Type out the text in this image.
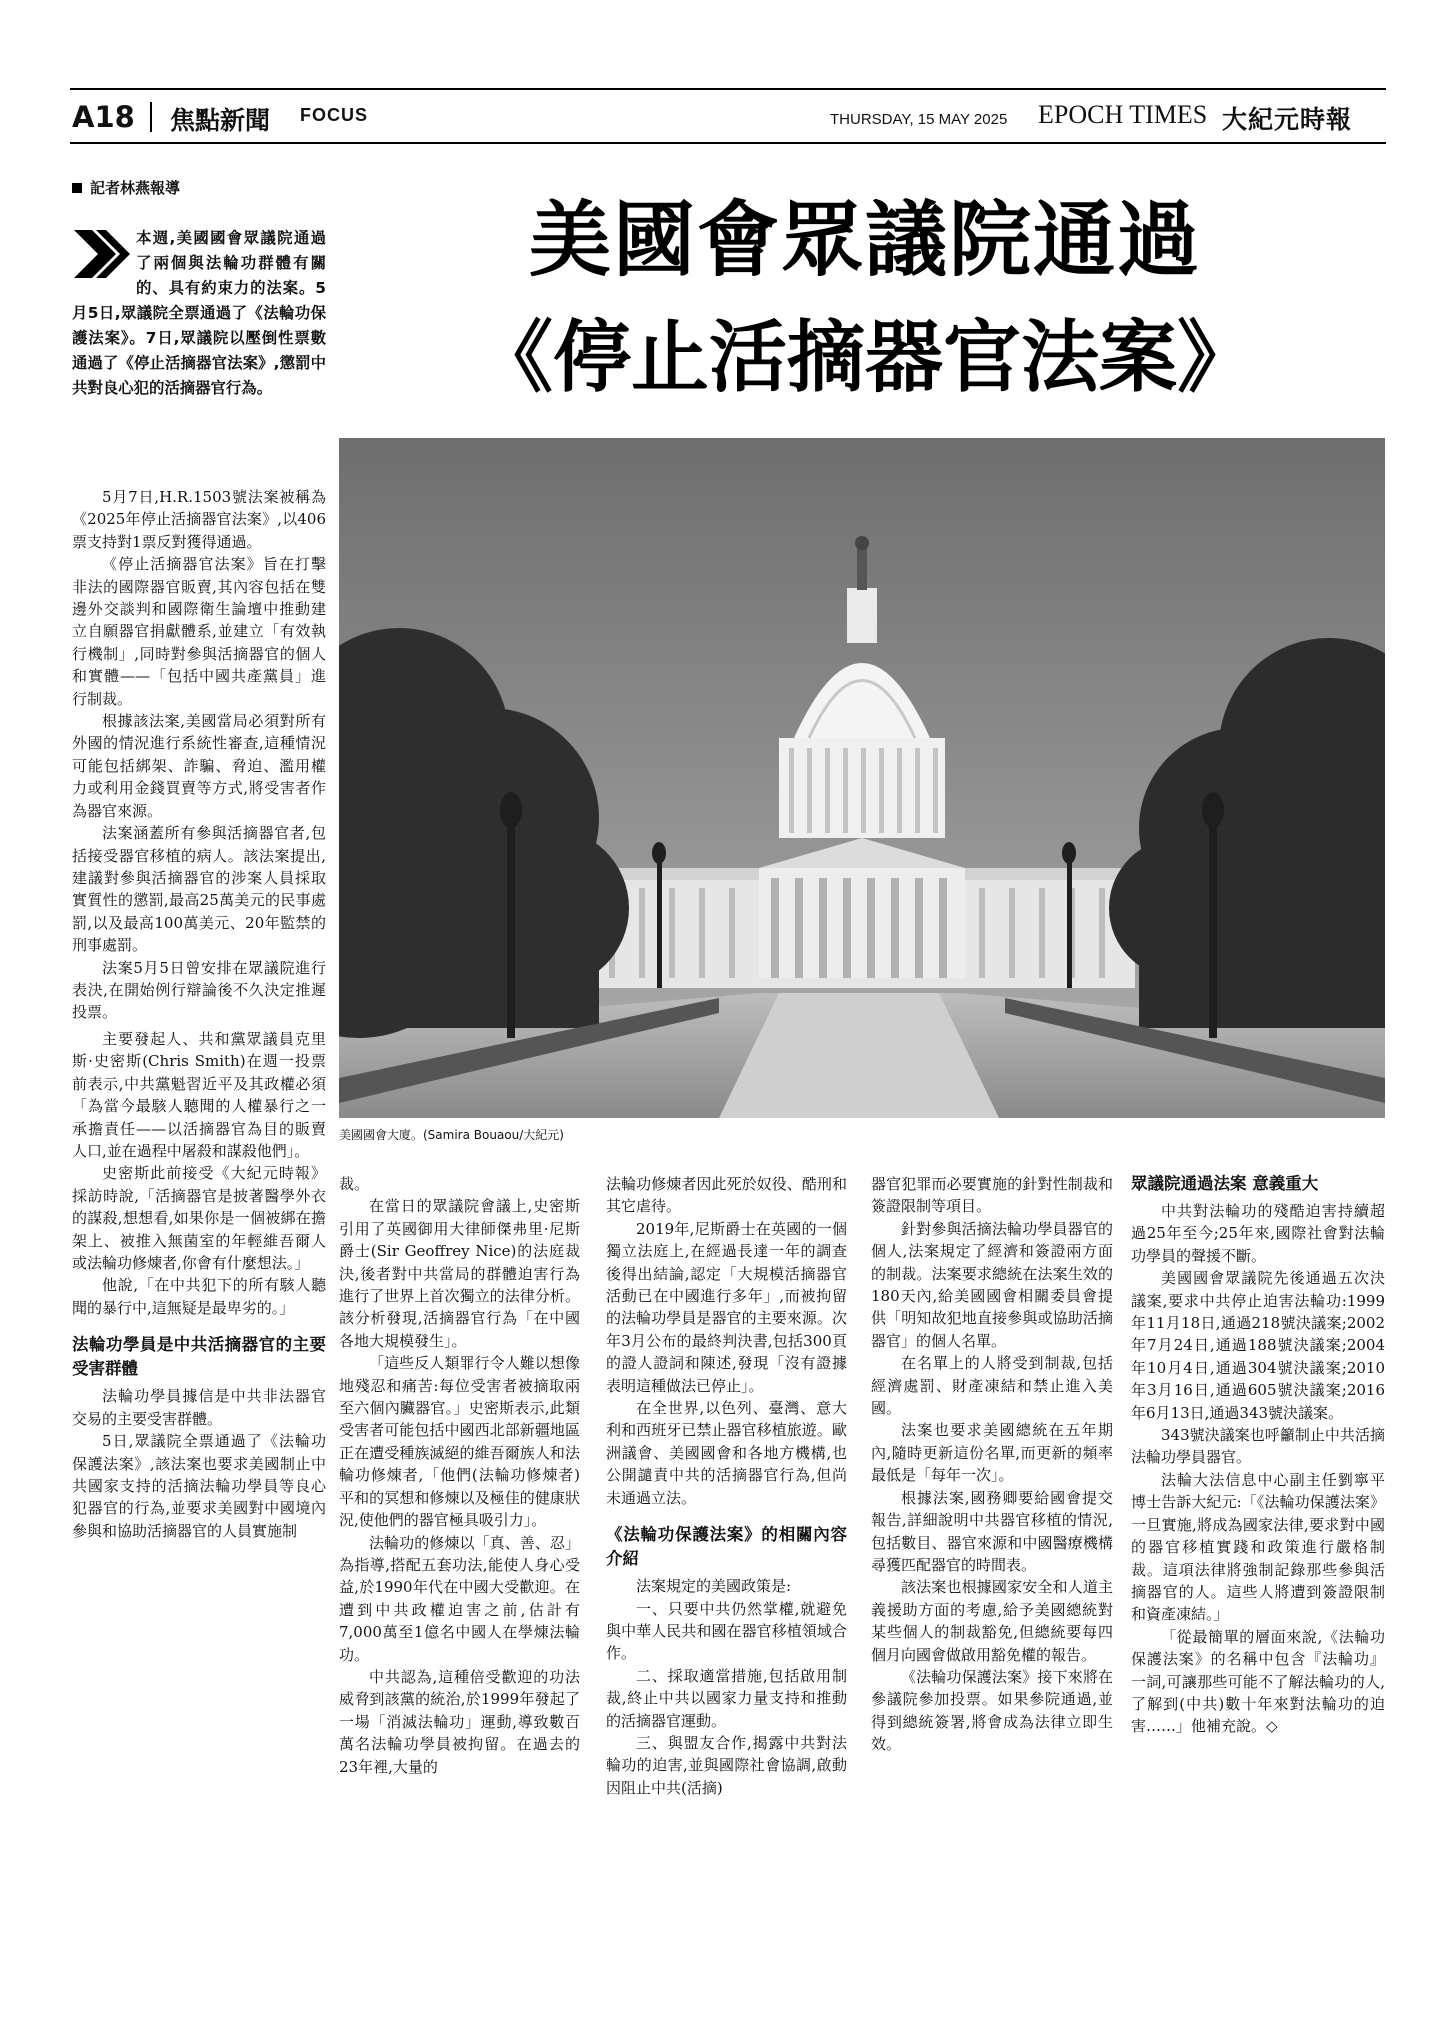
A18 焦點新聞 FOCUS	THURSDAY, 15 MAY 2025 EPOCH TIMES 大紀元時報
記者林燕報導
美國會眾議院通過
《停止活摘器官法案》
本週,美國國會眾議院通過了兩個與法輪功群體有關的、具有約束力的法案。5月5日,眾議院全票通過了《法輪功保護法案》。7日,眾議院以壓倒性票數通過了《停止活摘器官法案》,懲罰中共對良心犯的活摘器官行為。
美國國會大廈。(Samira Bouaou/大紀元)

5月7日,H.R.1503號法案被稱為《2025年停止活摘器官法案》,以406票支持對1票反對獲得通過。

《停止活摘器官法案》旨在打擊非法的國際器官販賣,其內容包括在雙邊外交談判和國際衛生論壇中推動建立自願器官捐獻體系,並建立「有效執行機制」,同時對參與活摘器官的個人和實體——「包括中國共產黨員」進行制裁。

根據該法案,美國當局必須對所有外國的情況進行系統性審查,這種情況可能包括綁架、詐騙、脅迫、濫用權力或利用金錢買賣等方式,將受害者作為器官來源。

法案涵蓋所有參與活摘器官者,包括接受器官移植的病人。該法案提出,建議對參與活摘器官的涉案人員採取實質性的懲罰,最高25萬美元的民事處罰,以及最高100萬美元、20年監禁的刑事處罰。

法案5月5日曾安排在眾議院進行表決,在開始例行辯論後不久決定推遲投票。

主要發起人、共和黨眾議員克里斯·史密斯(Chris Smith)在週一投票前表示,中共黨魁習近平及其政權必須「為當今最駭人聽聞的人權暴行之一承擔責任——以活摘器官為目的販賣人口,並在過程中屠殺和謀殺他們」。

史密斯此前接受《大紀元時報》採訪時說,「活摘器官是披著醫學外衣的謀殺,想想看,如果你是一個被綁在擔架上、被推入無菌室的年輕維吾爾人或法輪功修煉者,你會有什麼想法。」

他說,「在中共犯下的所有駭人聽聞的暴行中,這無疑是最卑劣的。」

法輪功學員是中共活摘器官的主要受害群體

法輪功學員據信是中共非法器官交易的主要受害群體。

5日,眾議院全票通過了《法輪功保護法案》,該法案也要求美國制止中共國家支持的活摘法輪功學員等良心犯器官的行為,並要求美國對中國境內參與和協助活摘器官的人員實施制

裁。

在當日的眾議院會議上,史密斯引用了英國御用大律師傑弗里·尼斯爵士(Sir Geoffrey Nice)的法庭裁決,後者對中共當局的群體迫害行為進行了世界上首次獨立的法律分析。該分析發現,活摘器官行為「在中國各地大規模發生」。

「這些反人類罪行令人難以想像地殘忍和痛苦:每位受害者被摘取兩至六個內臟器官。」史密斯表示,此類受害者可能包括中國西北部新疆地區正在遭受種族滅絕的維吾爾族人和法輪功修煉者,「他們(法輪功修煉者)平和的冥想和修煉以及極佳的健康狀況,使他們的器官極具吸引力」。

法輪功的修煉以「真、善、忍」為指導,搭配五套功法,能使人身心受益,於1990年代在中國大受歡迎。在遭到中共政權迫害之前,估計有7,000萬至1億名中國人在學煉法輪功。

中共認為,這種倍受歡迎的功法威脅到該黨的統治,於1999年發起了一場「消滅法輪功」運動,導致數百萬名法輪功學員被拘留。在過去的23年裡,大量的

法輪功修煉者因此死於奴役、酷刑和其它虐待。

2019年,尼斯爵士在英國的一個獨立法庭上,在經過長達一年的調查後得出結論,認定「大規模活摘器官活動已在中國進行多年」,而被拘留的法輪功學員是器官的主要來源。次年3月公布的最終判決書,包括300頁的證人證詞和陳述,發現「沒有證據表明這種做法已停止」。

在全世界,以色列、臺灣、意大利和西班牙已禁止器官移植旅遊。歐洲議會、美國國會和各地方機構,也公開譴責中共的活摘器官行為,但尚未通過立法。

《法輪功保護法案》的相關內容介紹

法案規定的美國政策是:

一、只要中共仍然掌權,就避免與中華人民共和國在器官移植領域合作。

二、採取適當措施,包括啟用制裁,終止中共以國家力量支持和推動的活摘器官運動。

三、與盟友合作,揭露中共對法輪功的迫害,並與國際社會協調,啟動因阻止中共(活摘)

眾議院通過法案 意義重大

中共對法輪功的殘酷迫害持續超過25年至今;25年來,國際社會對法輪功學員的聲援不斷。

美國國會眾議院先後通過五次決議案,要求中共停止迫害法輪功:1999年11月18日,通過218號決議案;2002年7月24日,通過188號決議案;2004年10月4日,通過304號決議案;2010年3月16日,通過605號決議案;2016年6月13日,通過343號決議案。

343號決議案也呼籲制止中共活摘法輪功學員器官。

法輪大法信息中心副主任劉寧平博士告訴大紀元:「《法輪功保護法案》一旦實施,將成為國家法律,要求對中國的器官移植實踐和政策進行嚴格制裁。這項法律將強制記錄那些參與活摘器官的人。這些人將遭到簽證限制和資產凍結。」

「從最簡單的層面來說,《法輪功保護法案》的名稱中包含『法輪功』一詞,可讓那些可能不了解法輪功的人,了解到(中共)數十年來對法輪功的迫害……」他補充說。◇

器官犯罪而必要實施的針對性制裁和簽證限制等項目。

針對參與活摘法輪功學員器官的個人,法案規定了經濟和簽證兩方面的制裁。法案要求總統在法案生效的180天內,給美國國會相關委員會提供「明知故犯地直接參與或協助活摘器官」的個人名單。

在名單上的人將受到制裁,包括經濟處罰、財產凍結和禁止進入美國。

法案也要求美國總統在五年期內,隨時更新這份名單,而更新的頻率最低是「每年一次」。

根據法案,國務卿要給國會提交報告,詳細說明中共器官移植的情況,包括數目、器官來源和中國醫療機構尋獲匹配器官的時間表。

該法案也根據國家安全和人道主義援助方面的考慮,給予美國總統對某些個人的制裁豁免,但總統要每四個月向國會做啟用豁免權的報告。

《法輪功保護法案》接下來將在參議院參加投票。如果參院通過,並得到總統簽署,將會成為法律立即生效。
